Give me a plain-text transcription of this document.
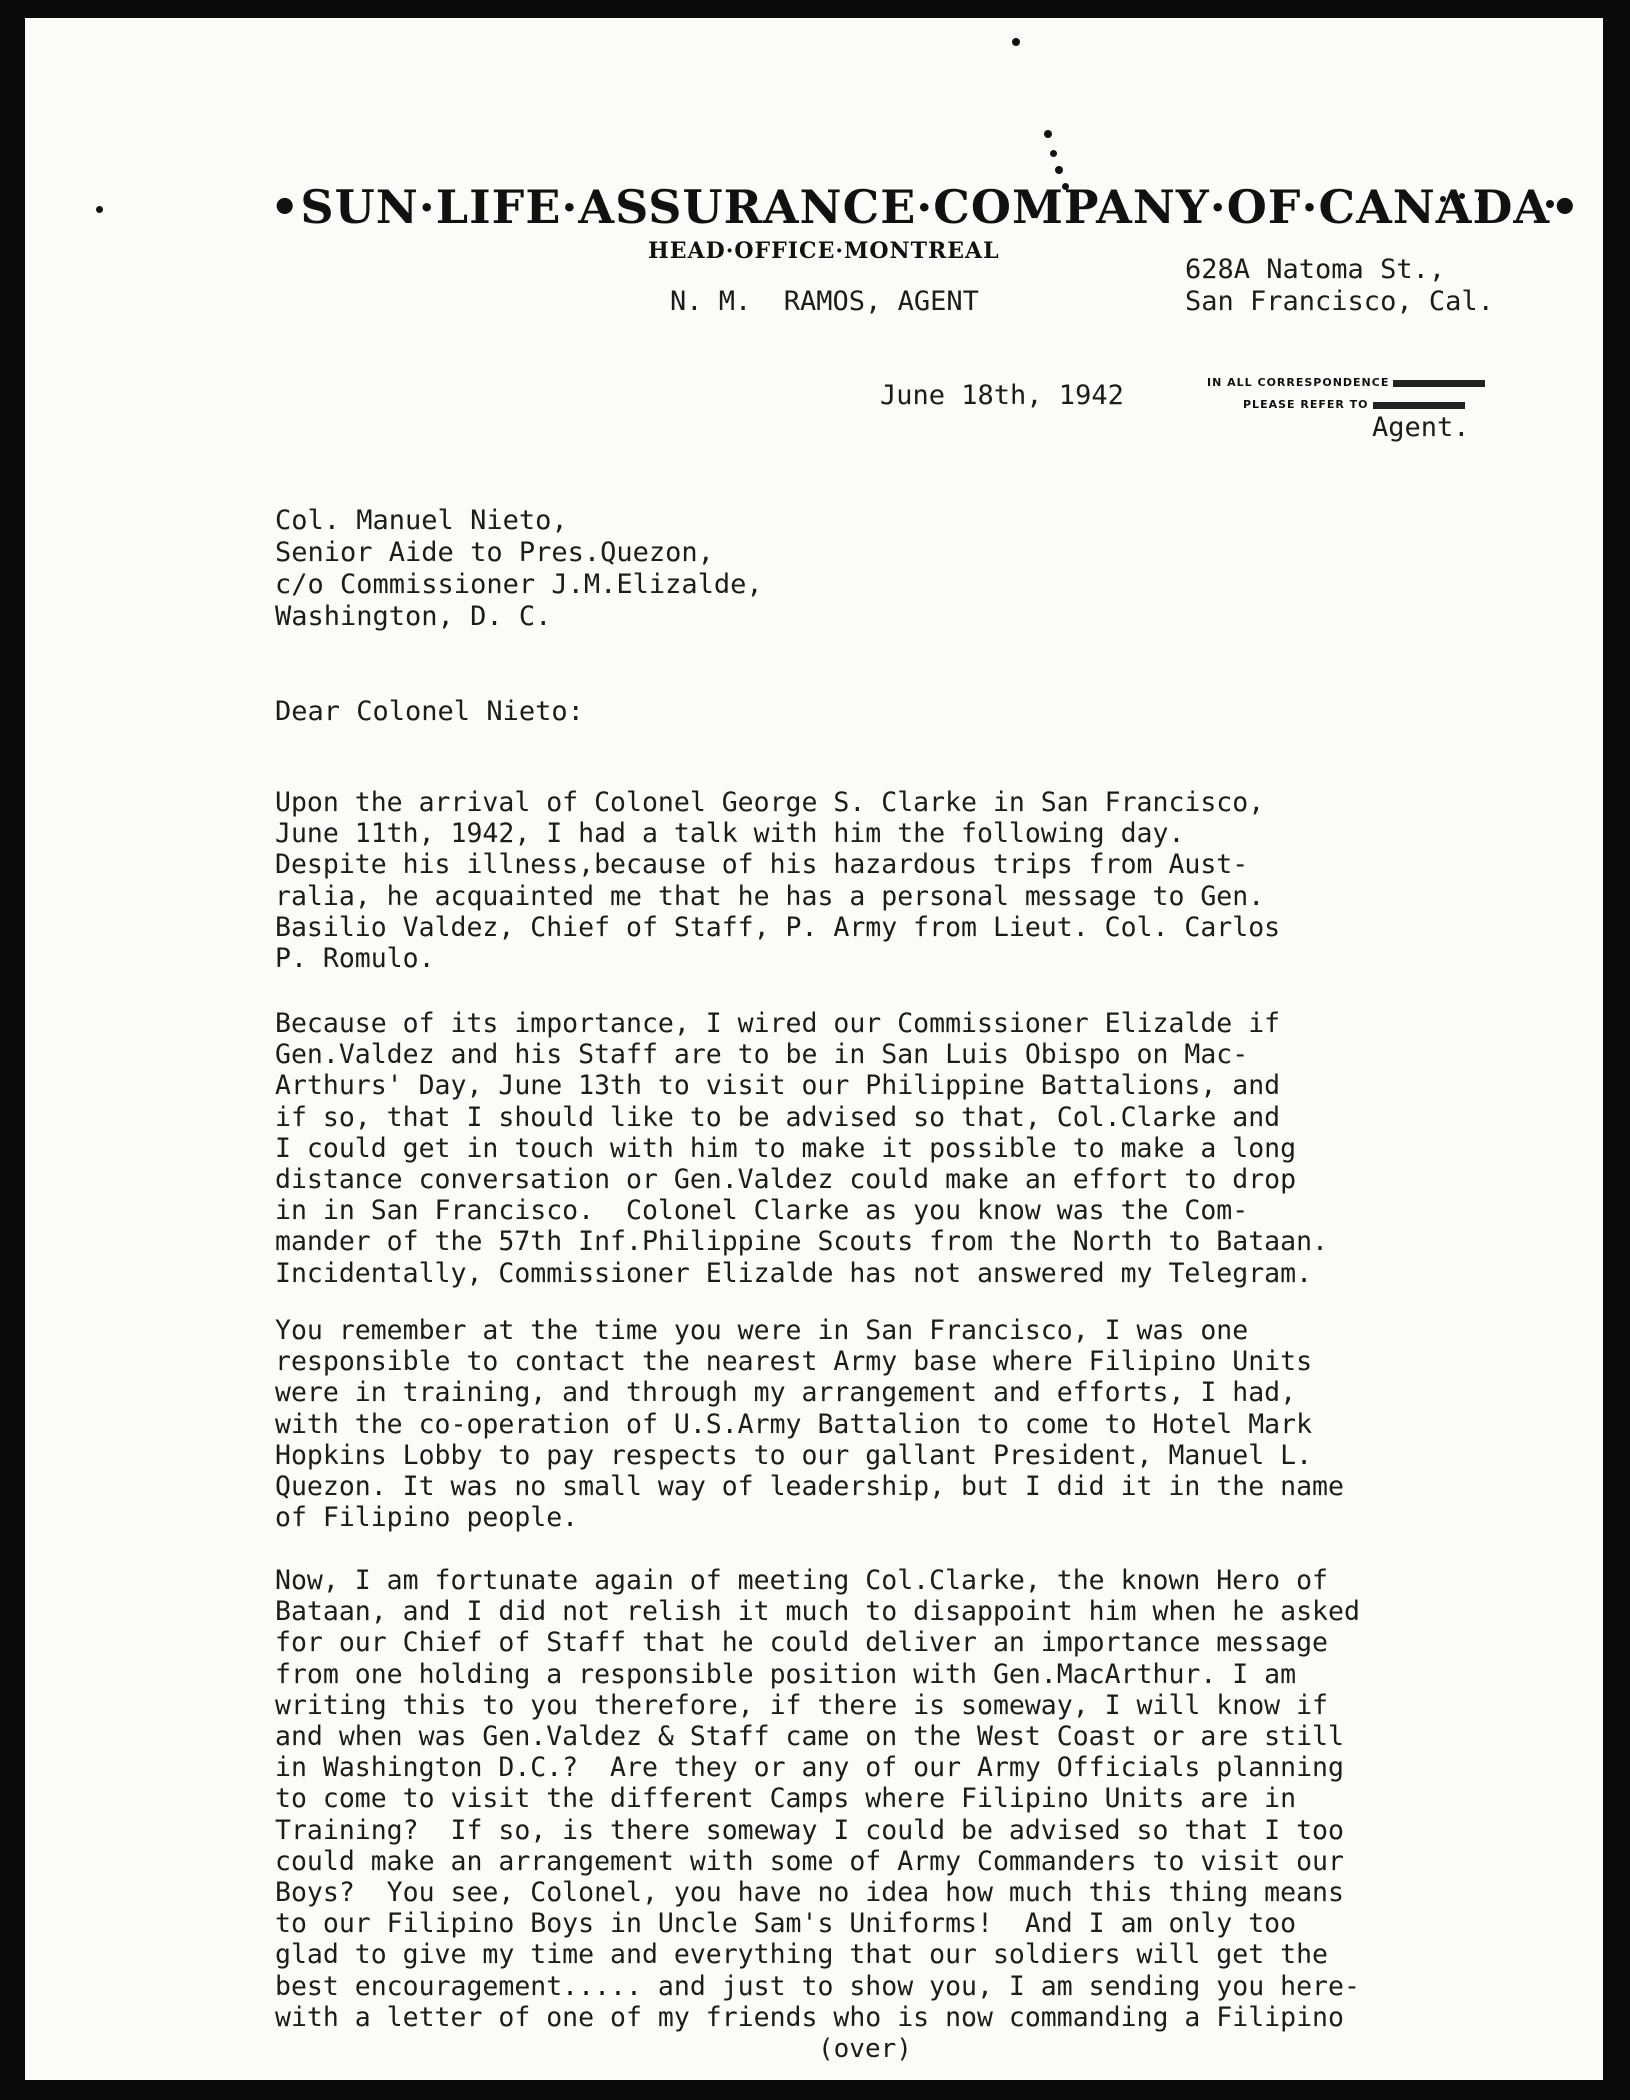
•SUN·LIFE·ASSURANCE·COMPANY·OF·CANADA•
HEAD·OFFICE·MONTREAL
N. M.  RAMOS, AGENT
628A Natoma St.,
San Francisco, Cal.
June 18th, 1942	IN ALL CORRESPONDENCE
PLEASE REFER TO
Agent.
Col. Manuel Nieto,
Senior Aide to Pres.Quezon,
c/o Commissioner J.M.Elizalde,
Washington, D. C.
Dear Colonel Nieto:
Upon the arrival of Colonel George S. Clarke in San Francisco,
June 11th, 1942, I had a talk with him the following day.
Despite his illness,because of his hazardous trips from Aust-
ralia, he acquainted me that he has a personal message to Gen.
Basilio Valdez, Chief of Staff, P. Army from Lieut. Col. Carlos
P. Romulo.
Because of its importance, I wired our Commissioner Elizalde if
Gen.Valdez and his Staff are to be in San Luis Obispo on Mac-
Arthurs' Day, June 13th to visit our Philippine Battalions, and
if so, that I should like to be advised so that, Col.Clarke and
I could get in touch with him to make it possible to make a long
distance conversation or Gen.Valdez could make an effort to drop
in in San Francisco.  Colonel Clarke as you know was the Com-
mander of the 57th Inf.Philippine Scouts from the North to Bataan.
Incidentally, Commissioner Elizalde has not answered my Telegram.
You remember at the time you were in San Francisco, I was one
responsible to contact the nearest Army base where Filipino Units
were in training, and through my arrangement and efforts, I had,
with the co-operation of U.S.Army Battalion to come to Hotel Mark
Hopkins Lobby to pay respects to our gallant President, Manuel L.
Quezon. It was no small way of leadership, but I did it in the name
of Filipino people.
Now, I am fortunate again of meeting Col.Clarke, the known Hero of
Bataan, and I did not relish it much to disappoint him when he asked
for our Chief of Staff that he could deliver an importance message
from one holding a responsible position with Gen.MacArthur. I am
writing this to you therefore, if there is someway, I will know if
and when was Gen.Valdez & Staff came on the West Coast or are still
in Washington D.C.?  Are they or any of our Army Officials planning
to come to visit the different Camps where Filipino Units are in
Training?  If so, is there someway I could be advised so that I too
could make an arrangement with some of Army Commanders to visit our
Boys?  You see, Colonel, you have no idea how much this thing means
to our Filipino Boys in Uncle Sam's Uniforms!  And I am only too
glad to give my time and everything that our soldiers will get the
best encouragement..... and just to show you, I am sending you here-
with a letter of one of my friends who is now commanding a Filipino
(over)
